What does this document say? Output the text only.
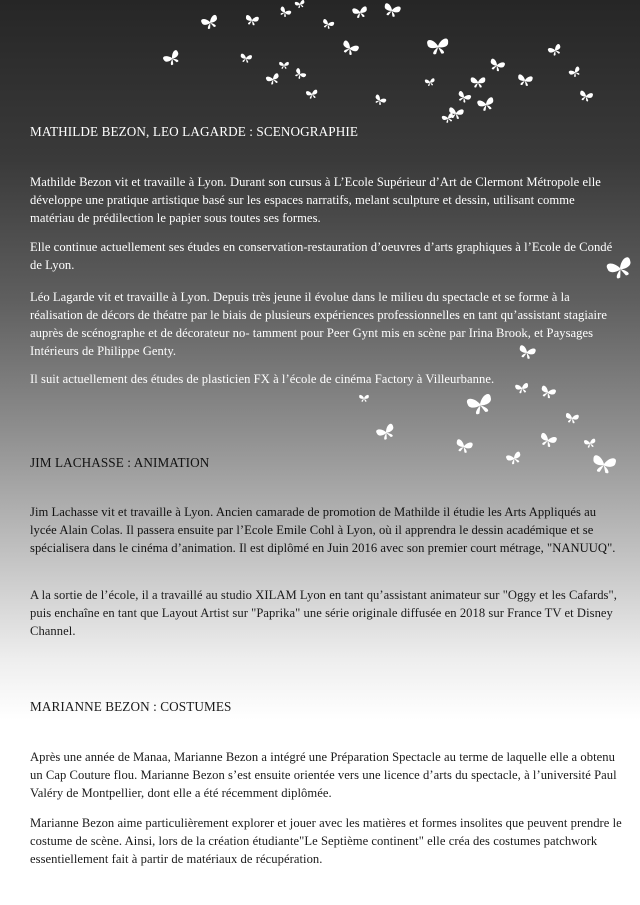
MATHILDE BEZON, LEO LAGARDE : SCENOGRAPHIE

Mathilde Bezon vit et travaille à Lyon. Durant son cursus à L’Ecole Supérieur d’Art de Clermont Métropole elle développe une pratique artistique basé sur les espaces narratifs, melant sculpture et dessin, utilisant comme matériau de prédilection le papier sous toutes ses formes.

Elle continue actuellement ses études en conservation-restauration d’oeuvres d’arts graphiques à l’Ecole de Condé de Lyon.

Léo Lagarde vit et travaille à Lyon. Depuis très jeune il évolue dans le milieu du spectacle et se forme à la réalisation de décors de théatre par le biais de plusieurs expériences professionnelles en tant qu’assistant stagiaire auprès de scénographe et de décorateur no- tamment pour Peer Gynt mis en scène par Irina Brook, et Paysages Intérieurs de Philippe Genty.

Il suit actuellement des études de plasticien FX à l’école de cinéma Factory à Villeurbanne.

JIM LACHASSE : ANIMATION

Jim Lachasse vit et travaille à Lyon. Ancien camarade de promotion de Mathilde il étudie les Arts Appliqués au lycée Alain Colas. Il passera ensuite par l’Ecole Emile Cohl à Lyon, où il apprendra le dessin académique et se spécialisera dans le cinéma d’animation. Il est diplômé en Juin 2016 avec son premier court métrage, "NANUUQ".

A la sortie de l’école, il a travaillé au studio XILAM Lyon en tant qu’assistant animateur sur "Oggy et les Cafards", puis enchaîne en tant que Layout Artist sur "Paprika" une série originale diffusée en 2018 sur France TV et Disney Channel.

MARIANNE BEZON : COSTUMES

Après une année de Manaa, Marianne Bezon a intégré une Préparation Spectacle au terme de laquelle elle a obtenu un Cap Couture flou. Marianne Bezon s’est ensuite orientée vers une licence d’arts du spectacle, à l’université Paul Valéry de Montpellier, dont elle a été récemment diplômée.

Marianne Bezon aime particulièrement explorer et jouer avec les matières et formes insolites que peuvent prendre le costume de scène. Ainsi, lors de la création étudiante"Le Septième continent" elle créa des costumes patchwork essentiellement fait à partir de matériaux de récupération.
